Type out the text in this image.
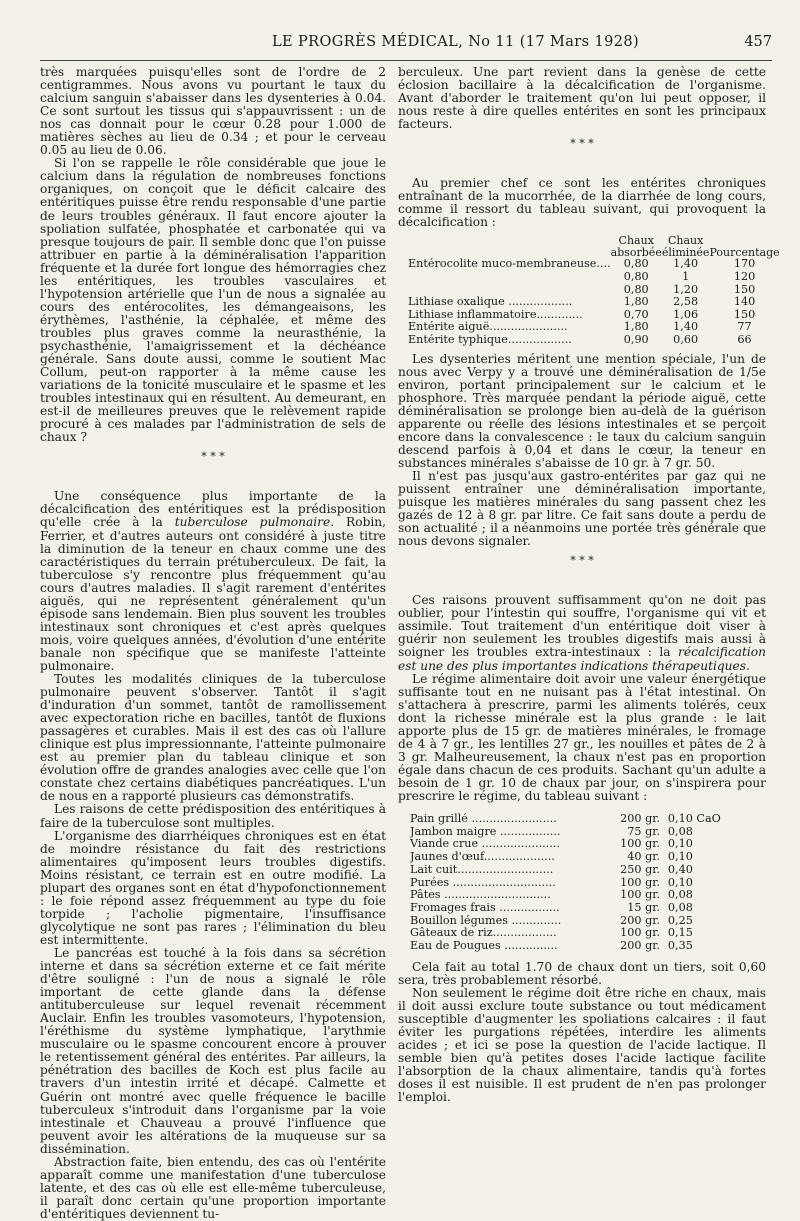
LE PROGRÈS MÉDICAL, No 11 (17 Mars 1928)	457

très marquées puisqu'elles sont de l'ordre de 2 centigrammes. Nous avons vu pourtant le taux du calcium sanguin s'abaisser dans les dysenteries à 0.04. Ce sont surtout les tissus qui s'appauvrissent : un de nos cas donnait pour le cœur 0.28 pour 1.000 de matières sèches au lieu de 0.34 ; et pour le cerveau 0.05 au lieu de 0.06.

Si l'on se rappelle le rôle considérable que joue le calcium dans la régulation de nombreuses fonctions organiques, on conçoit que le déficit calcaire des entéritiques puisse être rendu responsable d'une partie de leurs troubles généraux. Il faut encore ajouter la spoliation sulfatée, phosphatée et carbonatée qui va presque toujours de pair. Il semble donc que l'on puisse attribuer en partie à la déminéralisation l'apparition fréquente et la durée fort longue des hémorragies chez les entéritiques, les troubles vasculaires et l'hypotension artérielle que l'un de nous a signalée au cours des entérocolites, les démangeaisons, les érythèmes, l'asthénie, la céphalée, et même des troubles plus graves comme la neurasthénie, la psychasthénie, l'amaigrissement et la déchéance générale. Sans doute aussi, comme le soutient Mac Collum, peut-on rapporter à la même cause les variations de la tonicité musculaire et le spasme et les troubles intestinaux qui en résultent. Au demeurant, en est-il de meilleures preuves que le relèvement rapide procuré à ces malades par l'administration de sels de chaux ?

* * *

Une conséquence plus importante de la décalcification des entéritiques est la prédisposition qu'elle crée à la tuberculose pulmonaire. Robin, Ferrier, et d'autres auteurs ont considéré à juste titre la diminution de la teneur en chaux comme une des caractéristiques du terrain prétuberculeux. De fait, la tuberculose s'y rencontre plus fréquemment qu'au cours d'autres maladies. Il s'agit rarement d'entérites aiguës, qui ne représentent généralement qu'un épisode sans lendemain. Bien plus souvent les troubles intestinaux sont chroniques et c'est après quelques mois, voire quelques années, d'évolution d'une entérite banale non spécifique que se manifeste l'atteinte pulmonaire.

Toutes les modalités cliniques de la tuberculose pulmonaire peuvent s'observer. Tantôt il s'agit d'induration d'un sommet, tantôt de ramollissement avec expectoration riche en bacilles, tantôt de fluxions passagères et curables. Mais il est des cas où l'allure clinique est plus impressionnante, l'atteinte pulmonaire est au premier plan du tableau clinique et son évolution offre de grandes analogies avec celle que l'on constate chez certains diabétiques pancréatiques. L'un de nous en a rapporté plusieurs cas démonstratifs.

Les raisons de cette prédisposition des entéritiques à faire de la tuberculose sont multiples.

L'organisme des diarrhéiques chroniques est en état de moindre résistance du fait des restrictions alimentaires qu'imposent leurs troubles digestifs. Moins résistant, ce terrain est en outre modifié. La plupart des organes sont en état d'hypofonctionnement : le foie répond assez fréquemment au type du foie torpide ; l'acholie pigmentaire, l'insuffisance glycolytique ne sont pas rares ; l'élimination du bleu est intermittente.

Le pancréas est touché à la fois dans sa sécrétion interne et dans sa sécrétion externe et ce fait mérite d'être souligné : l'un de nous a signalé le rôle important de cette glande dans la défense antituberculeuse sur lequel revenait récemment Auclair. Enfin les troubles vasomoteurs, l'hypotension, l'éréthisme du système lymphatique, l'arythmie musculaire ou le spasme concourent encore à prouver le retentissement général des entérites. Par ailleurs, la pénétration des bacilles de Koch est plus facile au travers d'un intestin irrité et décapé. Calmette et Guérin ont montré avec quelle fréquence le bacille tuberculeux s'introduit dans l'organisme par la voie intestinale et Chauveau a prouvé l'influence que peuvent avoir les altérations de la muqueuse sur sa dissémination.

Abstraction faite, bien entendu, des cas où l'entérite apparaît comme une manifestation d'une tuberculose latente, et des cas où elle est elle-même tuberculeuse, il paraît donc certain qu'une proportion importante d'entéritiques deviennent tu-

berculeux. Une part revient dans la genèse de cette éclosion bacillaire à la décalcification de l'organisme. Avant d'aborder le traitement qu'on lui peut opposer, il nous reste à dire quelles entérites en sont les principaux facteurs.

* * *

Au premier chef ce sont les entérites chroniques entraînant de la mucorrhée, de la diarrhée de long cours, comme il ressort du tableau suivant, qui provoquent la décalcification :

	Chaux absorbée	Chaux éliminée	Pourcentage
Entérocolite muco-membraneuse....	0,80	1,40	170
	0,80	1	120
	0,80	1,20	150
Lithiase oxalique ..................	1,80	2,58	140
Lithiase inflammatoire.............	0,70	1,06	150
Entérite aiguë......................	1,80	1,40	77
Entérite typhique..................	0,90	0,60	66

Les dysenteries méritent une mention spéciale, l'un de nous avec Verpy y a trouvé une déminéralisation de 1/5e environ, portant principalement sur le calcium et le phosphore. Très marquée pendant la période aiguë, cette déminéralisation se prolonge bien au-delà de la guérison apparente ou réelle des lésions intestinales et se perçoit encore dans la convalescence : le taux du calcium sanguin descend parfois à 0,04 et dans le cœur, la teneur en substances minérales s'abaisse de 10 gr. à 7 gr. 50.

Il n'est pas jusqu'aux gastro-entérites par gaz qui ne puissent entraîner une déminéralisation importante, puisque les matières minérales du sang passent chez les gazés de 12 à 8 gr. par litre. Ce fait sans doute a perdu de son actualité ; il a néanmoins une portée très générale que nous devons signaler.

* * *

Ces raisons prouvent suffisamment qu'on ne doit pas oublier, pour l'intestin qui souffre, l'organisme qui vit et assimile. Tout traitement d'un entéritique doit viser à guérir non seulement les troubles digestifs mais aussi à soigner les troubles extra-intestinaux : la récalcification est une des plus importantes indications thérapeutiques.

Le régime alimentaire doit avoir une valeur énergétique suffisante tout en ne nuisant pas à l'état intestinal. On s'attachera à prescrire, parmi les aliments tolérés, ceux dont la richesse minérale est la plus grande : le lait apporte plus de 15 gr. de matières minérales, le fromage de 4 à 7 gr., les lentilles 27 gr., les nouilles et pâtes de 2 à 3 gr. Malheureusement, la chaux n'est pas en proportion égale dans chacun de ces produits. Sachant qu'un adulte a besoin de 1 gr. 10 de chaux par jour, on s'inspirera pour prescrire le régime, du tableau suivant :

Pain grillé ........................	200 gr.	0,10 CaO
Jambon maigre .................	75 gr.	0,08
Viande crue ......................	100 gr.	0,10
Jaunes d'œuf....................	40 gr.	0,10
Lait cuit...........................	250 gr.	0,40
Purées .............................	100 gr.	0,10
Pâtes ..............................	100 gr.	0,08
Fromages frais .................	15 gr.	0,08
Bouillon légumes ..............	200 gr.	0,25
Gâteaux de riz..................	100 gr.	0,15
Eau de Pougues ...............	200 gr.	0,35

Cela fait au total 1.70 de chaux dont un tiers, soit 0,60 sera, très probablement résorbé.

Non seulement le régime doit être riche en chaux, mais il doit aussi exclure toute substance ou tout médicament susceptible d'augmenter les spoliations calcaires : il faut éviter les purgations répétées, interdire les aliments acides ; et ici se pose la question de l'acide lactique. Il semble bien qu'à petites doses l'acide lactique facilite l'absorption de la chaux alimentaire, tandis qu'à fortes doses il est nuisible. Il est prudent de n'en pas prolonger l'emploi.
